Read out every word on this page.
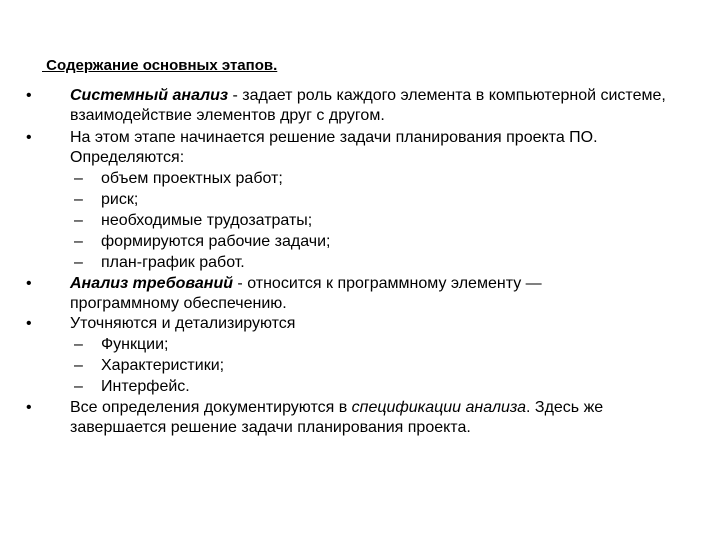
Содержание основных этапов.
• Системный анализ - задает роль каждого элемента в компьютерной системе,
взаимодействие элементов друг с другом.
• На этом этапе начинается решение задачи планирования проекта ПО.
Определяются:
– объем проектных работ;
– риск;
– необходимые трудозатраты;
– формируются рабочие задачи;
– план-график работ.
• Анализ требований - относится к программному элементу —
программному обеспечению.
• Уточняются и детализируются
– Функции;
– Характеристики;
– Интерфейс.
• Все определения документируются в спецификации анализа. Здесь же
завершается решение задачи планирования проекта.
